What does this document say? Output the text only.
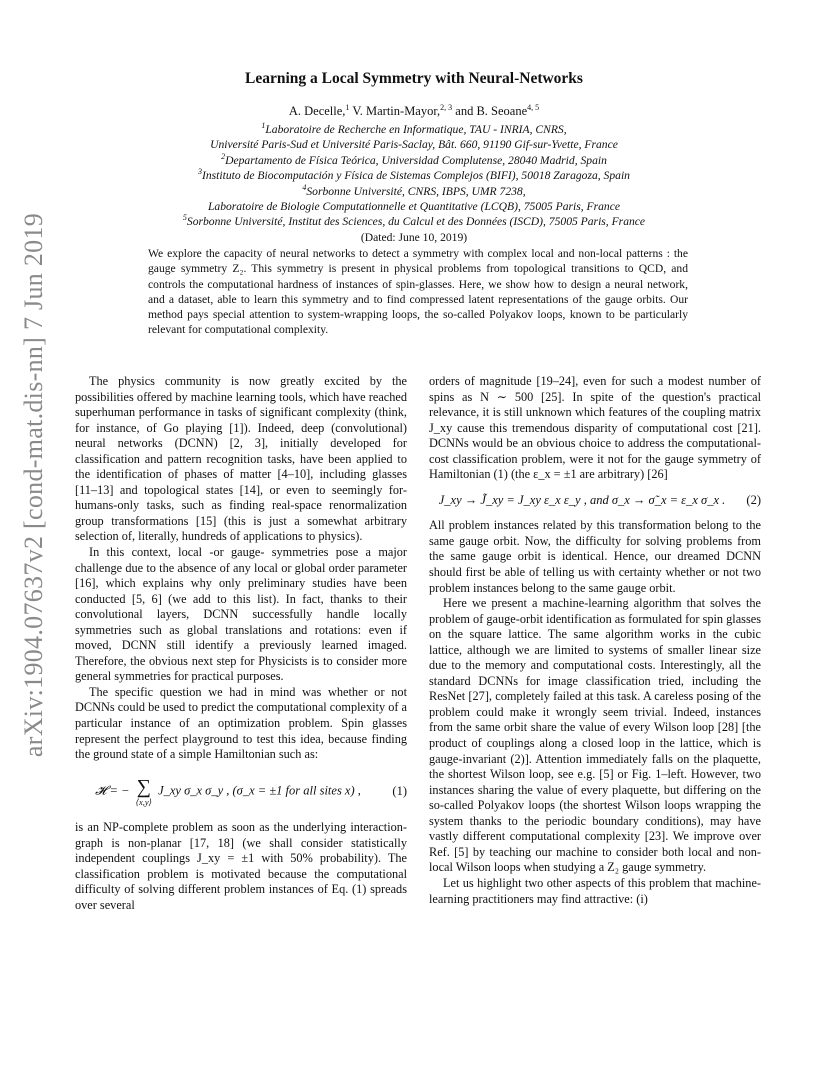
arXiv:1904.07637v2 [cond-mat.dis-nn] 7 Jun 2019
Learning a Local Symmetry with Neural-Networks
A. Decelle,$^1$ V. Martin-Mayor,$^{2, 3}$ and B. Seoane$^{4, 5}$
$^1$Laboratoire de Recherche en Informatique, TAU - INRIA, CNRS,
Université Paris-Sud et Université Paris-Saclay, Bât. 660, 91190 Gif-sur-Yvette, France
$^2$Departamento de Física Teórica, Universidad Complutense, 28040 Madrid, Spain
$^3$Instituto de Biocomputación y Física de Sistemas Complejos (BIFI), 50018 Zaragoza, Spain
$^4$Sorbonne Université, CNRS, IBPS, UMR 7238,
Laboratoire de Biologie Computationnelle et Quantitative (LCQB), 75005 Paris, France
$^5$Sorbonne Université, Institut des Sciences, du Calcul et des Données (ISCD), 75005 Paris, France
(Dated: June 10, 2019)
We explore the capacity of neural networks to detect a symmetry with complex local and non-local patterns : the gauge symmetry Z₂. This symmetry is present in physical problems from topological transitions to QCD, and controls the computational hardness of instances of spin-glasses. Here, we show how to design a neural network, and a dataset, able to learn this symmetry and to find compressed latent representations of the gauge orbits. Our method pays special attention to system-wrapping loops, the so-called Polyakov loops, known to be particularly relevant for computational complexity.

The physics community is now greatly excited by the possibilities offered by machine learning tools, which have reached superhuman performance in tasks of significant complexity (think, for instance, of Go playing [1]). Indeed, deep (convolutional) neural networks (DCNN) [2, 3], initially developed for classification and pattern recognition tasks, have been applied to the identification of phases of matter [4–10], including glasses [11–13] and topological states [14], or even to seemingly for-humans-only tasks, such as finding real-space renormalization group transformations [15] (this is just a somewhat arbitrary selection of, literally, hundreds of applications to physics).

In this context, local -or gauge- symmetries pose a major challenge due to the absence of any local or global order parameter [16], which explains why only preliminary studies have been conducted [5, 6] (we add to this list). In fact, thanks to their convolutional layers, DCNN successfully handle locally symmetries such as global translations and rotations: even if moved, DCNN still identify a previously learned imaged. Therefore, the obvious next step for Physicists is to consider more general symmetries for practical purposes.

The specific question we had in mind was whether or not DCNNs could be used to predict the computational complexity of a particular instance of an optimization problem. Spin glasses represent the perfect playground to test this idea, because finding the ground state of a simple Hamiltonian such as:

𝓗 = − ∑
⟨x,y⟩
J_xy σ_x σ_y , (σ_x = ±1 for all sites x) ,	(1)

is an NP-complete problem as soon as the underlying interaction-graph is non-planar [17, 18] (we shall consider statistically independent couplings J_xy = ±1 with 50% probability). The classification problem is motivated because the computational difficulty of solving different problem instances of Eq. (1) spreads over several

orders of magnitude [19–24], even for such a modest number of spins as N ∼ 500 [25]. In spite of the question's practical relevance, it is still unknown which features of the coupling matrix J_xy cause this tremendous disparity of computational cost [21]. DCNNs would be an obvious choice to address the computational-cost classification problem, were it not for the gauge symmetry of Hamiltonian (1) (the ε_x = ±1 are arbitrary) [26]

J_xy → J̃_xy = J_xy ε_x ε_y , and σ_x → σ̃_x = ε_x σ_x .	(2)

All problem instances related by this transformation belong to the same gauge orbit. Now, the difficulty for solving problems from the same gauge orbit is identical. Hence, our dreamed DCNN should first be able of telling us with certainty whether or not two problem instances belong to the same gauge orbit.

Here we present a machine-learning algorithm that solves the problem of gauge-orbit identification as formulated for spin glasses on the square lattice. The same algorithm works in the cubic lattice, although we are limited to systems of smaller linear size due to the memory and computational costs. Interestingly, all the standard DCNNs for image classification tried, including the ResNet [27], completely failed at this task. A careless posing of the problem could make it wrongly seem trivial. Indeed, instances from the same orbit share the value of every Wilson loop [28] [the product of couplings along a closed loop in the lattice, which is gauge-invariant (2)]. Attention immediately falls on the plaquette, the shortest Wilson loop, see e.g. [5] or Fig. 1–left. However, two instances sharing the value of every plaquette, but differing on the so-called Polyakov loops (the shortest Wilson loops wrapping the system thanks to the periodic boundary conditions), may have vastly different computational complexity [23]. We improve over Ref. [5] by teaching our machine to consider both local and non-local Wilson loops when studying a Z₂ gauge symmetry.

Let us highlight two other aspects of this problem that machine-learning practitioners may find attractive: (i)
